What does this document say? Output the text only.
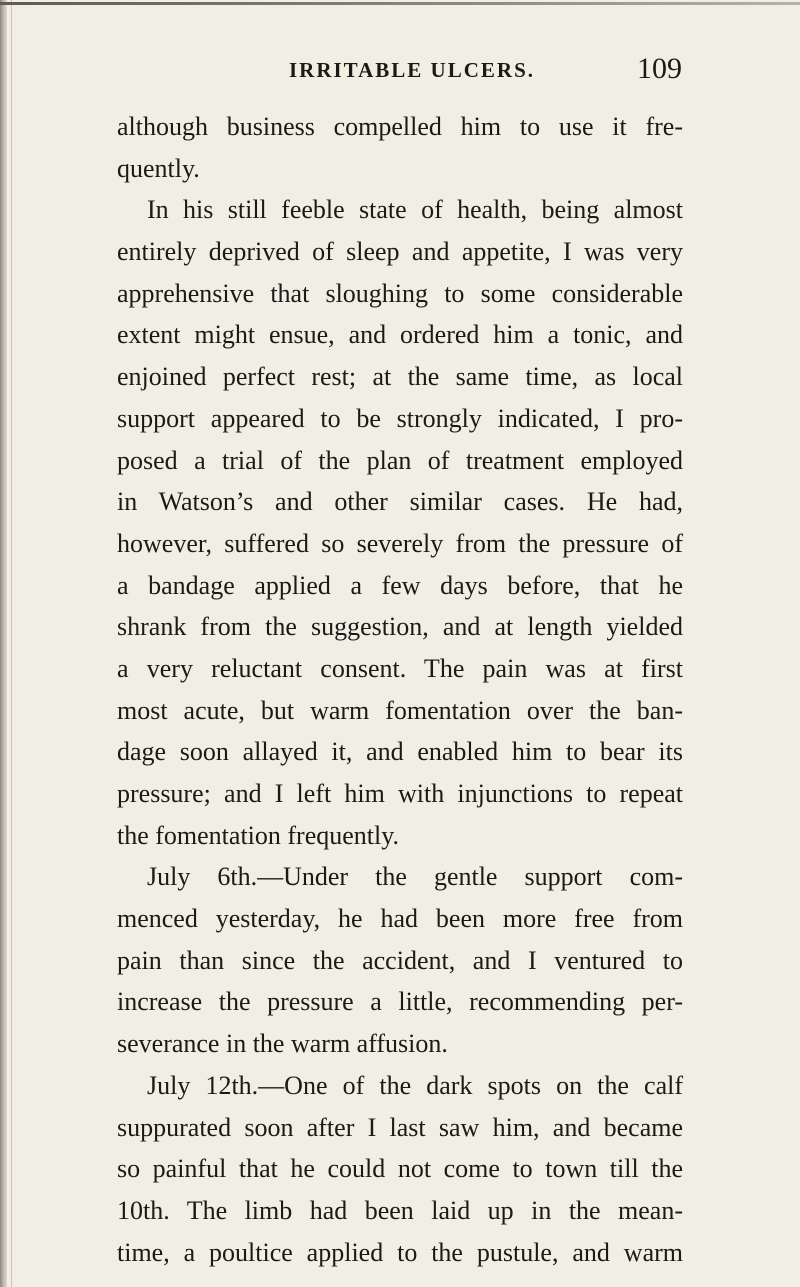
IRRITABLE ULCERS.	109
although business compelled him to use it fre-
quently.
In his still feeble state of health, being almost
entirely deprived of sleep and appetite, I was very
apprehensive that sloughing to some considerable
extent might ensue, and ordered him a tonic, and
enjoined perfect rest; at the same time, as local
support appeared to be strongly indicated, I pro-
posed a trial of the plan of treatment employed
in Watson’s and other similar cases. He had,
however, suffered so severely from the pressure of
a bandage applied a few days before, that he
shrank from the suggestion, and at length yielded
a very reluctant consent. The pain was at first
most acute, but warm fomentation over the ban-
dage soon allayed it, and enabled him to bear its
pressure; and I left him with injunctions to repeat
the fomentation frequently.
July 6th.—Under the gentle support com-
menced yesterday, he had been more free from
pain than since the accident, and I ventured to
increase the pressure a little, recommending per-
severance in the warm affusion.
July 12th.—One of the dark spots on the calf
suppurated soon after I last saw him, and became
so painful that he could not come to town till the
10th. The limb had been laid up in the mean-
time, a poultice applied to the pustule, and warm
